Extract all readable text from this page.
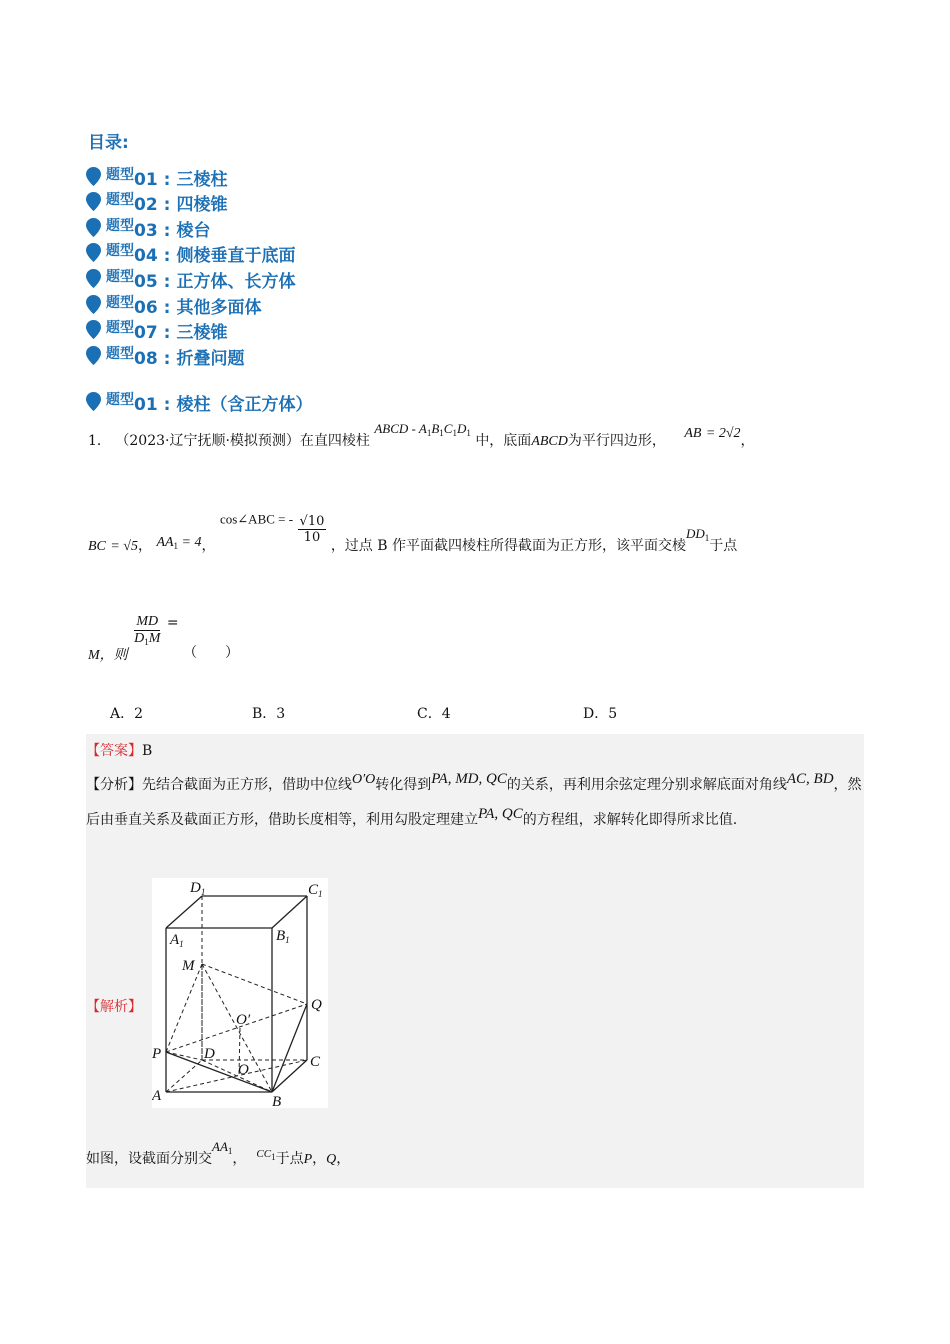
目录:
题型 01 : 三棱柱
题型 02 : 四棱锥
题型 03 : 棱台
题型 04 : 侧棱垂直于底面
题型 05 : 正方体、长方体
题型 06 : 其他多面体
题型 07 : 三棱锥
题型 08 : 折叠问题
题型 01 : 棱柱（含正方体）
1． （2023·辽宁抚顺·模拟预测）在直四棱柱 ABCD - $A_1B_1C_1D_1$ 中，底面ABCD为平行四边形， AB = 2√2，
BC = √5， $AA_1 = 4$， cos∠ABC = - $\frac{√10}{10}$
，过点 B 作平面截四棱柱所得截面为正方形，该平面交棱$DD_1$于点
M，则
$\frac{MD}{D_1M}$ = （　　）
A．2	B．3	C．4	D．5
【答案】B
【分析】先结合截面为正方形，借助中位线O′O转化得到PA, MD, QC的关系，再利用余弦定理分别求解底面对角线AC, BD，然后由垂直关系及截面正方形，借助长度相等，利用勾股定理建立PA, QC的方程组，求解转化即得所求比值.
【解析】
$D_1$	$C_1$
$A_1$	$B_1$
M
Q
O′
P	D	C
O
A	B
如图，设截面分别交$AA_1$， $^{CC_1}$于点P，Q，
